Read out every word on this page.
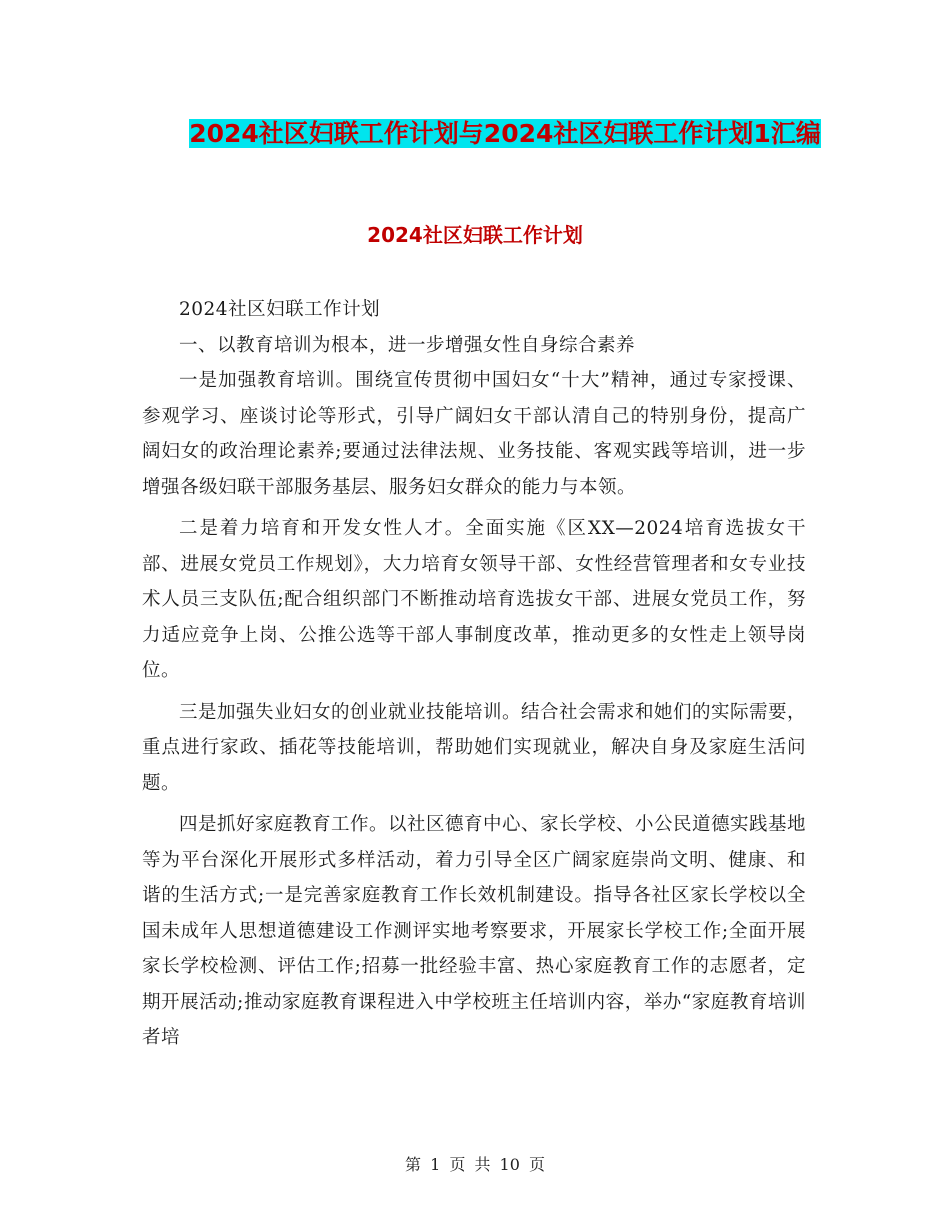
2024社区妇联工作计划与2024社区妇联工作计划1汇编
2024社区妇联工作计划

2024社区妇联工作计划

一、以教育培训为根本，进一步增强女性自身综合素养

一是加强教育培训。围绕宣传贯彻中国妇女“十大”精神，通过专家授课、参观学习、座谈讨论等形式，引导广阔妇女干部认清自己的特别身份，提高广阔妇女的政治理论素养;要通过法律法规、业务技能、客观实践等培训，进一步增强各级妇联干部服务基层、服务妇女群众的能力与本领。

二是着力培育和开发女性人才。全面实施《区XX—2024培育选拔女干部、进展女党员工作规划》，大力培育女领导干部、女性经营管理者和女专业技术人员三支队伍;配合组织部门不断推动培育选拔女干部、进展女党员工作，努力适应竞争上岗、公推公选等干部人事制度改革，推动更多的女性走上领导岗位。

三是加强失业妇女的创业就业技能培训。结合社会需求和她们的实际需要，重点进行家政、插花等技能培训，帮助她们实现就业，解决自身及家庭生活问题。

四是抓好家庭教育工作。以社区德育中心、家长学校、小公民道德实践基地等为平台深化开展形式多样活动，着力引导全区广阔家庭崇尚文明、健康、和谐的生活方式;一是完善家庭教育工作长效机制建设。指导各社区家长学校以全国未成年人思想道德建设工作测评实地考察要求，开展家长学校工作;全面开展家长学校检测、评估工作;招募一批经验丰富、热心家庭教育工作的志愿者，定期开展活动;推动家庭教育课程进入中学校班主任培训内容，举办“家庭教育培训者培

第 1 页 共 10 页
